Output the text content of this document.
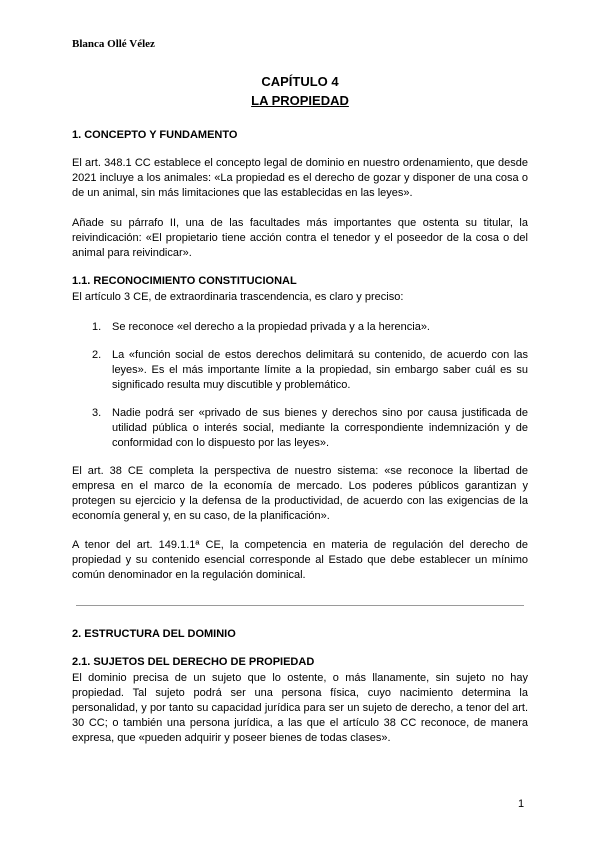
Blanca Ollé Vélez
CAPÍTULO 4
LA PROPIEDAD
1. CONCEPTO Y FUNDAMENTO

El art. 348.1 CC establece el concepto legal de dominio en nuestro ordenamiento, que desde 2021 incluye a los animales: «La propiedad es el derecho de gozar y disponer de una cosa o de un animal, sin más limitaciones que las establecidas en las leyes».

Añade su párrafo II, una de las facultades más importantes que ostenta su titular, la reivindicación: «El propietario tiene acción contra el tenedor y el poseedor de la cosa o del animal para reivindicar».

1.1. RECONOCIMIENTO CONSTITUCIONAL

El artículo 3 CE, de extraordinaria trascendencia, es claro y preciso:

1. Se reconoce «el derecho a la propiedad privada y a la herencia».
2. La «función social de estos derechos delimitará su contenido, de acuerdo con las leyes». Es el más importante límite a la propiedad, sin embargo saber cuál es su significado resulta muy discutible y problemático.
3. Nadie podrá ser «privado de sus bienes y derechos sino por causa justificada de utilidad pública o interés social, mediante la correspondiente indemnización y de conformidad con lo dispuesto por las leyes».

El art. 38 CE completa la perspectiva de nuestro sistema: «se reconoce la libertad de empresa en el marco de la economía de mercado. Los poderes públicos garantizan y protegen su ejercicio y la defensa de la productividad, de acuerdo con las exigencias de la economía general y, en su caso, de la planificación».

A tenor del art. 149.1.1ª CE, la competencia en materia de regulación del derecho de propiedad y su contenido esencial corresponde al Estado que debe establecer un mínimo común denominador en la regulación dominical.

2. ESTRUCTURA DEL DOMINIO
2.1. SUJETOS DEL DERECHO DE PROPIEDAD

El dominio precisa de un sujeto que lo ostente, o más llanamente, sin sujeto no hay propiedad. Tal sujeto podrá ser una persona física, cuyo nacimiento determina la personalidad, y por tanto su capacidad jurídica para ser un sujeto de derecho, a tenor del art. 30 CC; o también una persona jurídica, a las que el artículo 38 CC reconoce, de manera expresa, que «pueden adquirir y poseer bienes de todas clases».

1
